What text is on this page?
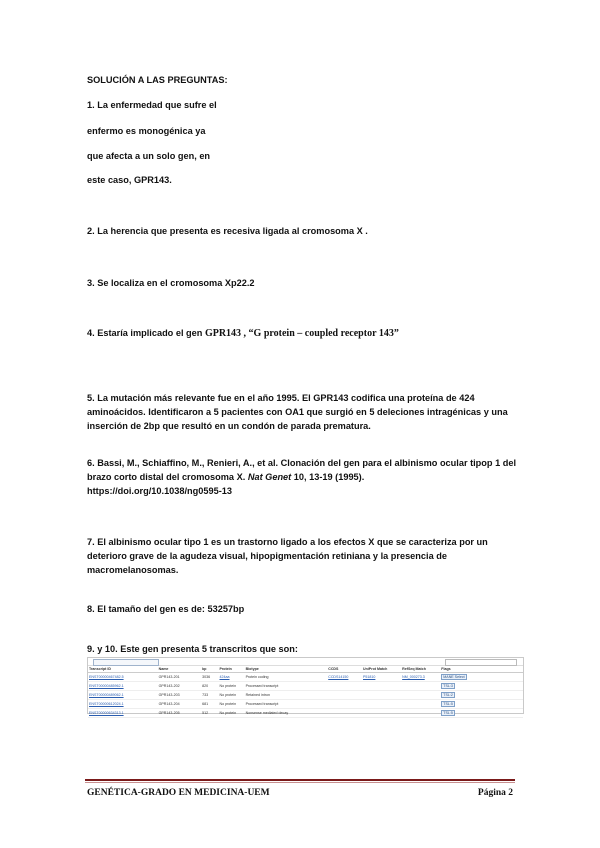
SOLUCIÓN A LAS PREGUNTAS:

1. La enfermedad que sufre el

enfermo es monogénica ya

que afecta a un solo gen, en

este caso, GPR143.

2. La herencia que presenta es recesiva ligada al cromosoma X .

3. Se localiza en el cromosoma Xp22.2

4. Estaría implicado el gen GPR143 , “G protein – coupled receptor 143”

5. La mutación más relevante fue en el año 1995. El GPR143 codifica una proteína de 424 aminoácidos. Identificaron a 5 pacientes con OA1 que surgió en 5 deleciones intragénicas y una inserción de 2bp que resultó en un condón de parada prematura.

6. Bassi, M., Schiaffino, M., Renieri, A., et al. Clonación del gen para el albinismo ocular tipop 1 del brazo corto distal del cromosoma X. Nat Genet 10, 13-19 (1995).
https://doi.org/10.1038/ng0595-13

7. El albinismo ocular tipo 1 es un trastorno ligado a los efectos X que se caracteriza por un deterioro grave de la agudeza visual, hipopigmentación retiniana y la presencia de macromelanosomas.

8. El tamaño del gen es de: 53257bp

9. y 10. Este gen presenta 5 transcritos que son:

Transcript ID	Name	bp	Protein	Biotype	CCDS	UniProt Match	RefSeq Match	Flags
ENST00000467482.5	GPR143-201	3036	424aa	Protein coding	CCDS14150	P51810	NM_000273.3	MANE Select
ENST00000485962.1	GPR143-202	820	No protein	Processed transcript				TSL:3
ENST00000489062.1	GPR143-203	733	No protein	Retained intron				TSL:2
ENST00000612024.1	GPR143-204	681	No protein	Processed transcript				TSL:5
ENST00000634313.1	GPR143-205	512	No protein	Nonsense mediated decay				TSL:5
GENÉTICA-GRADO EN MEDICINA-UEM	Página 2
